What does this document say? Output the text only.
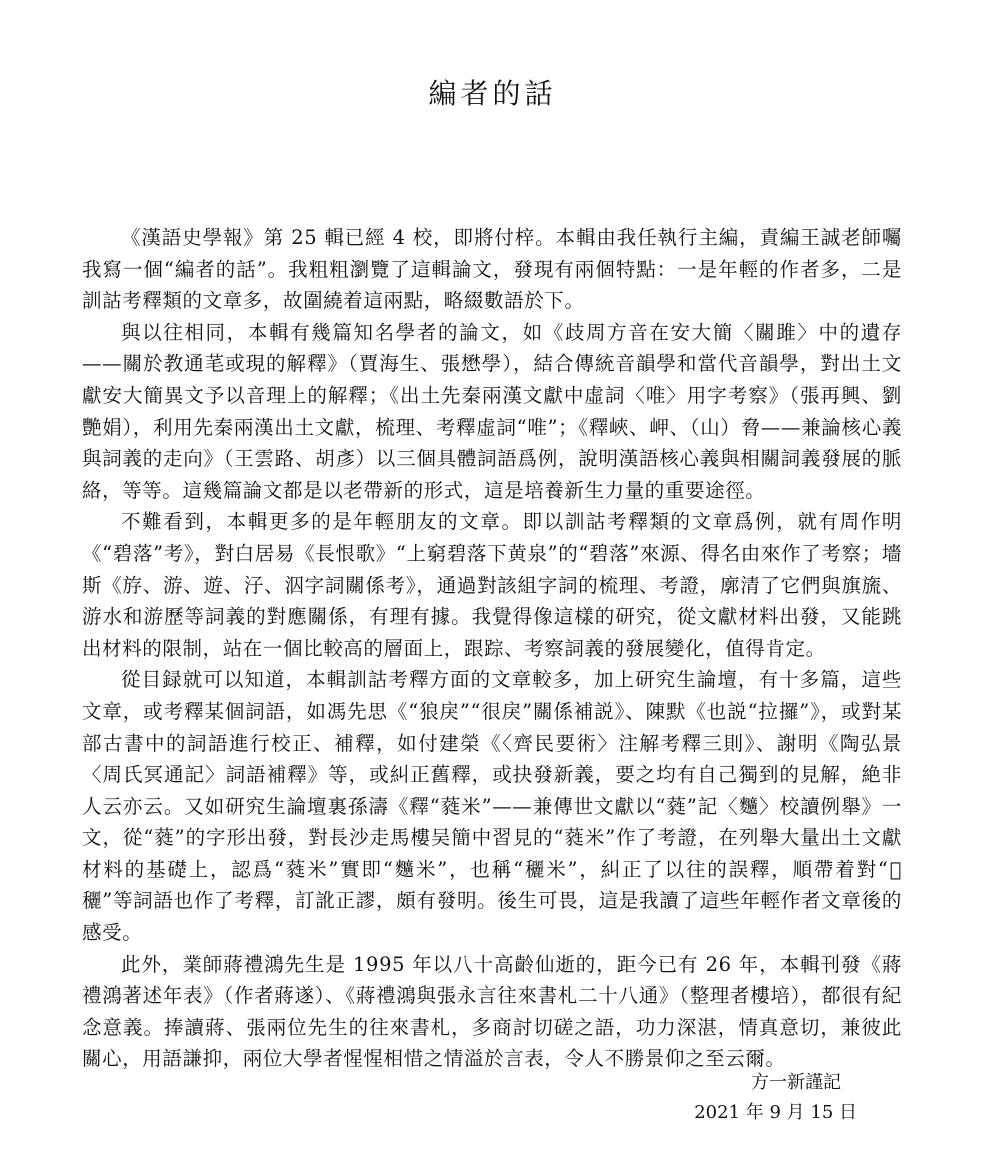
編者的話

《漢語史學報》第 25 輯已經 4 校，即將付梓。本輯由我任執行主編，責編王誠老師囑我寫一個“編者的話”。我粗粗瀏覽了這輯論文，發現有兩個特點：一是年輕的作者多，二是訓詁考釋類的文章多，故圍繞着這兩點，略綴數語於下。

與以往相同，本輯有幾篇知名學者的論文，如《歧周方音在安大簡〈關雎〉中的遺存——關於教通芼或現的解釋》（賈海生、張懋學），結合傳統音韻學和當代音韻學，對出土文獻安大簡異文予以音理上的解釋；《出土先秦兩漢文獻中虛詞〈唯〉用字考察》（張再興、劉艷娟），利用先秦兩漢出土文獻，梳理、考釋虛詞“唯”；《釋峽、岬、（山）脅——兼論核心義與詞義的走向》（王雲路、胡彥）以三個具體詞語爲例，說明漢語核心義與相關詞義發展的脈絡，等等。這幾篇論文都是以老帶新的形式，這是培養新生力量的重要途徑。

不難看到，本輯更多的是年輕朋友的文章。即以訓詁考釋類的文章爲例，就有周作明《“碧落”考》，對白居易《長恨歌》“上窮碧落下黄泉”的“碧落”來源、得名由來作了考察；墻斯《斿、游、遊、汓、泅字詞關係考》，通過對該組字詞的梳理、考證，廓清了它們與旗旒、游水和游歷等詞義的對應關係，有理有據。我覺得像這樣的研究，從文獻材料出發，又能跳出材料的限制，站在一個比較高的層面上，跟踪、考察詞義的發展變化，值得肯定。

從目録就可以知道，本輯訓詁考釋方面的文章較多，加上研究生論壇，有十多篇，這些文章，或考釋某個詞語，如馮先思《“狼戾”“很戾”關係補説》、陳默《也説“拉攞”》，或對某部古書中的詞語進行校正、補釋，如付建榮《〈齊民要術〉注解考釋三則》、謝明《陶弘景〈周氏冥通記〉詞語補釋》等，或糾正舊釋，或抉發新義，要之均有自己獨到的見解，絶非人云亦云。又如研究生論壇裏孫濤《釋“蕤米”——兼傳世文獻以“蕤”記〈𪍿〉校讀例舉》一文，從“蕤”的字形出發，對長沙走馬樓吴簡中習見的“蕤米”作了考證，在列舉大量出土文獻材料的基礎上，認爲“蕤米”實即“𪍿米”，也稱“穲米”，糾正了以往的誤釋，順帶着對“𦵔穲”等詞語也作了考釋，訂訛正謬，頗有發明。後生可畏，這是我讀了這些年輕作者文章後的感受。

此外，業師蔣禮鴻先生是 1995 年以八十高齡仙逝的，距今已有 26 年，本輯刊發《蔣禮鴻著述年表》（作者蔣遂）、《蔣禮鴻與張永言往來書札二十八通》（整理者樓培），都很有紀念意義。捧讀蔣、張兩位先生的往來書札，多商討切磋之語，功力深湛，情真意切，兼彼此關心，用語謙抑，兩位大學者惺惺相惜之情溢於言表，令人不勝景仰之至云爾。

方一新謹記
2021 年 9 月 15 日
